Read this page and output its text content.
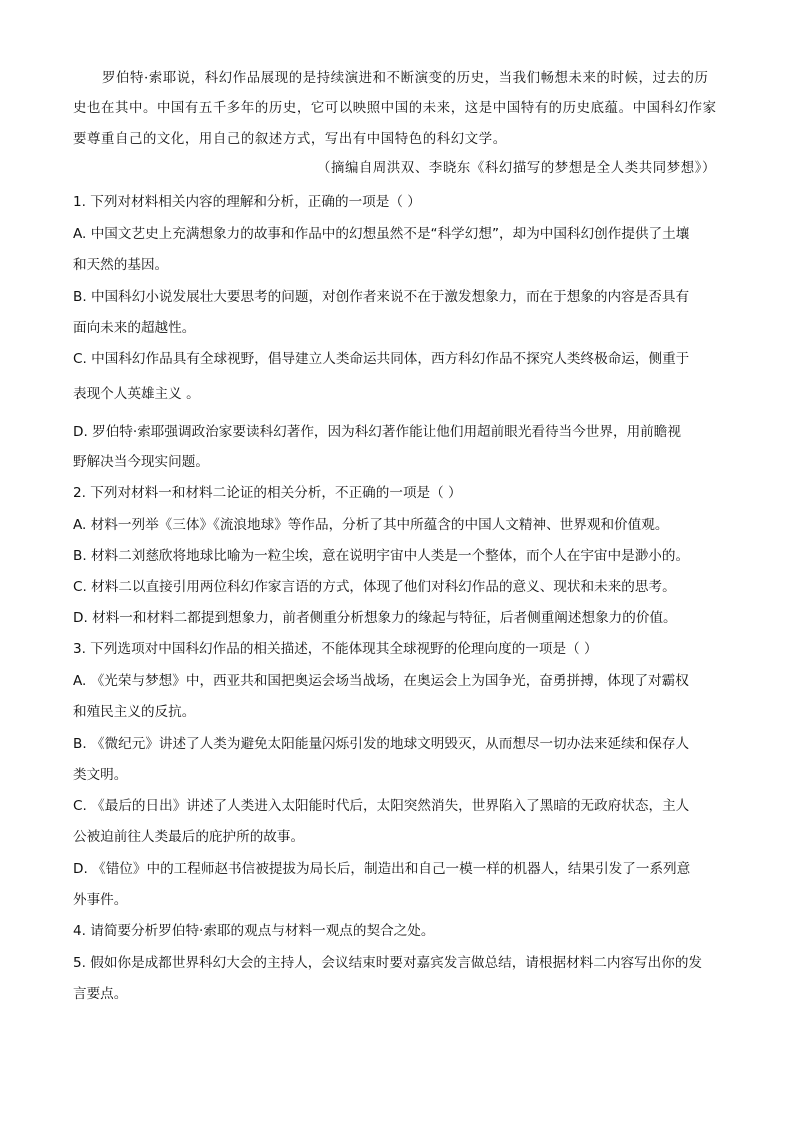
罗伯特·索耶说，科幻作品展现的是持续演进和不断演变的历史，当我们畅想未来的时候，过去的历

史也在其中。中国有五千多年的历史，它可以映照中国的未来，这是中国特有的历史底蕴。中国科幻作家

要尊重自己的文化，用自己的叙述方式，写出有中国特色的科幻文学。

（摘编自周洪双、李晓东《科幻描写的梦想是全人类共同梦想》）

1. 下列对材料相关内容的理解和分析，正确的一项是（ ）

A. 中国文艺史上充满想象力的故事和作品中的幻想虽然不是“科学幻想”，却为中国科幻创作提供了土壤

和天然的基因。

B. 中国科幻小说发展壮大要思考的问题，对创作者来说不在于激发想象力，而在于想象的内容是否具有

面向未来的超越性。

C. 中国科幻作品具有全球视野，倡导建立人类命运共同体，西方科幻作品不探究人类终极命运，侧重于

表现个人英雄主义 。

D. 罗伯特·索耶强调政治家要读科幻著作，因为科幻著作能让他们用超前眼光看待当今世界，用前瞻视

野解决当今现实问题。

2. 下列对材料一和材料二论证的相关分析，不正确的一项是（ ）

A. 材料一列举《三体》《流浪地球》等作品，分析了其中所蕴含的中国人文精神、世界观和价值观。

B. 材料二刘慈欣将地球比喻为一粒尘埃，意在说明宇宙中人类是一个整体，而个人在宇宙中是渺小的。

C. 材料二以直接引用两位科幻作家言语的方式，体现了他们对科幻作品的意义、现状和未来的思考。

D. 材料一和材料二都提到想象力，前者侧重分析想象力的缘起与特征，后者侧重阐述想象力的价值。

3. 下列选项对中国科幻作品的相关描述，不能体现其全球视野的伦理向度的一项是（ ）

A. 《光荣与梦想》中，西亚共和国把奥运会场当战场，在奥运会上为国争光，奋勇拼搏，体现了对霸权

和殖民主义的反抗。

B. 《微纪元》讲述了人类为避免太阳能量闪烁引发的地球文明毁灭，从而想尽一切办法来延续和保存人

类文明。

C. 《最后的日出》讲述了人类进入太阳能时代后，太阳突然消失，世界陷入了黑暗的无政府状态，主人

公被迫前往人类最后的庇护所的故事。

D. 《错位》中的工程师赵书信被提拔为局长后，制造出和自己一模一样的机器人，结果引发了一系列意

外事件。

4. 请简要分析罗伯特·索耶的观点与材料一观点的契合之处。

5. 假如你是成都世界科幻大会的主持人，会议结束时要对嘉宾发言做总结，请根据材料二内容写出你的发

言要点。
